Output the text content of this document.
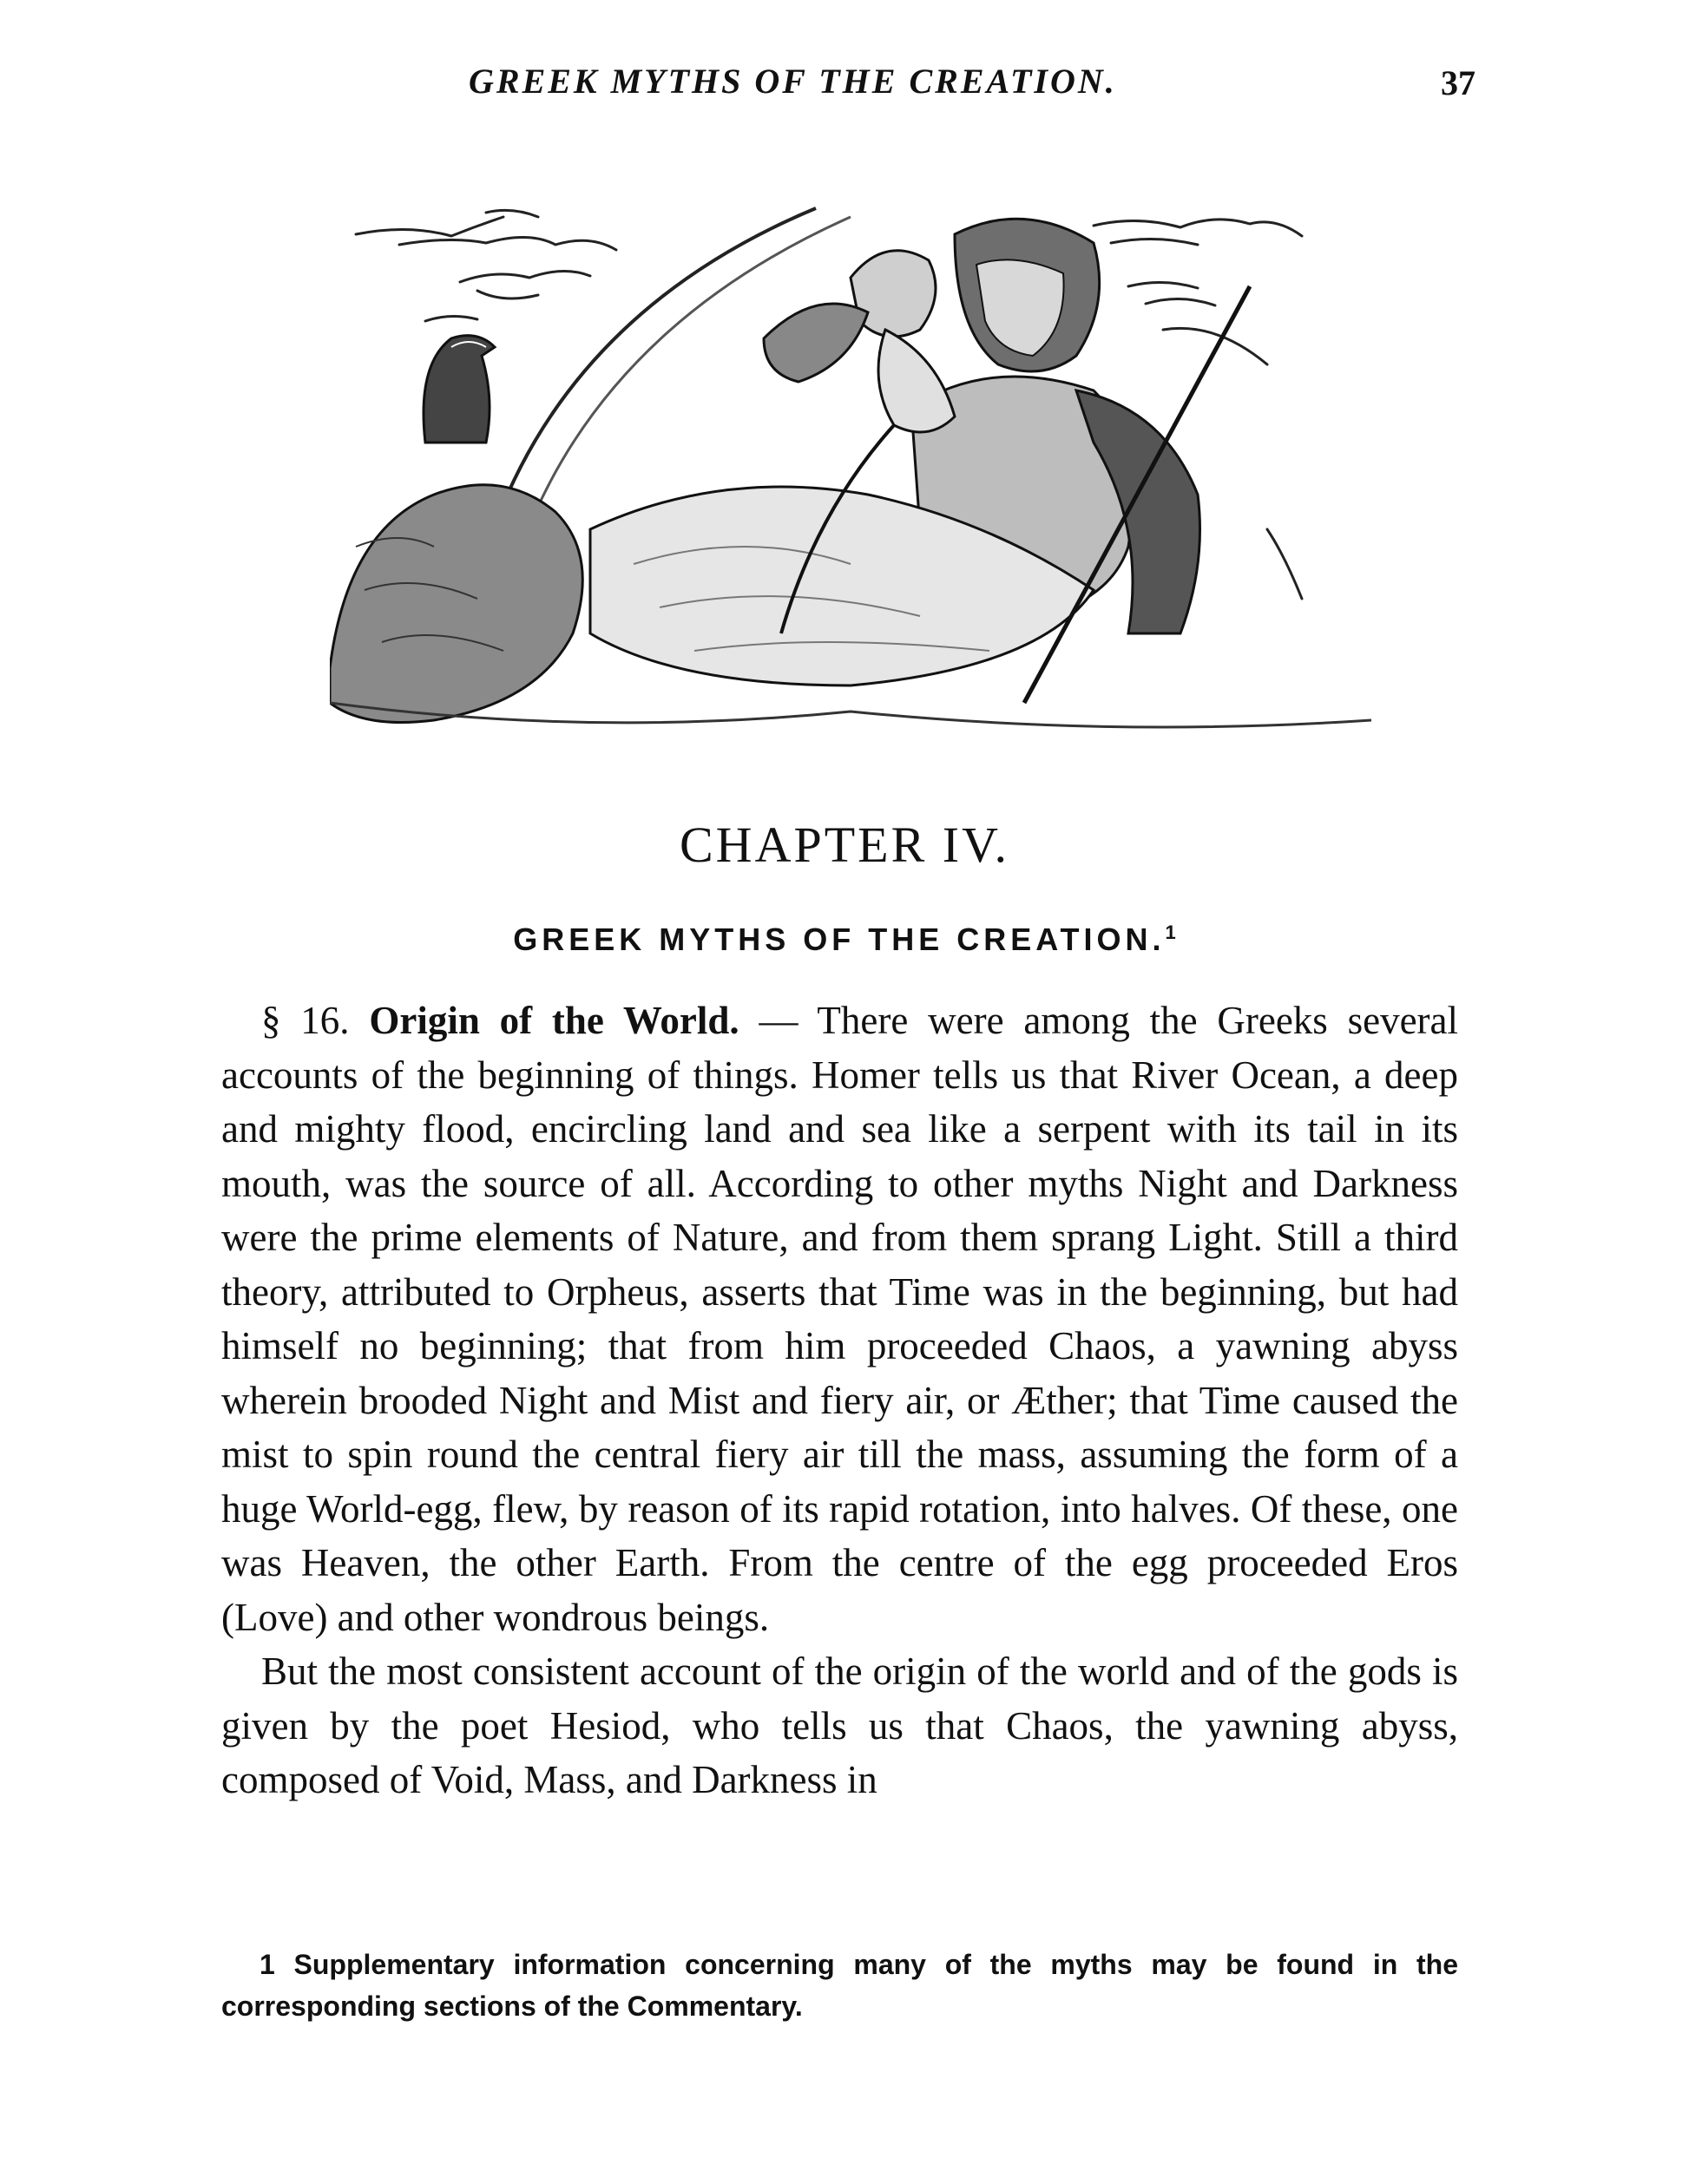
GREEK MYTHS OF THE CREATION.	37
CHAPTER IV.
GREEK MYTHS OF THE CREATION.$^1$

§ 16. Origin of the World. — There were among the Greeks several accounts of the beginning of things. Homer tells us that River Ocean, a deep and mighty flood, encircling land and sea like a serpent with its tail in its mouth, was the source of all. According to other myths Night and Darkness were the prime elements of Nature, and from them sprang Light. Still a third theory, attributed to Orpheus, asserts that Time was in the beginning, but had himself no beginning; that from him proceeded Chaos, a yawning abyss wherein brooded Night and Mist and fiery air, or Æther; that Time caused the mist to spin round the central fiery air till the mass, assuming the form of a huge World-egg, flew, by reason of its rapid rotation, into halves. Of these, one was Heaven, the other Earth. From the centre of the egg proceeded Eros (Love) and other wondrous beings.

But the most consistent account of the origin of the world and of the gods is given by the poet Hesiod, who tells us that Chaos, the yawning abyss, composed of Void, Mass, and Darkness in

1 Supplementary information concerning many of the myths may be found in the corresponding sections of the Commentary.
